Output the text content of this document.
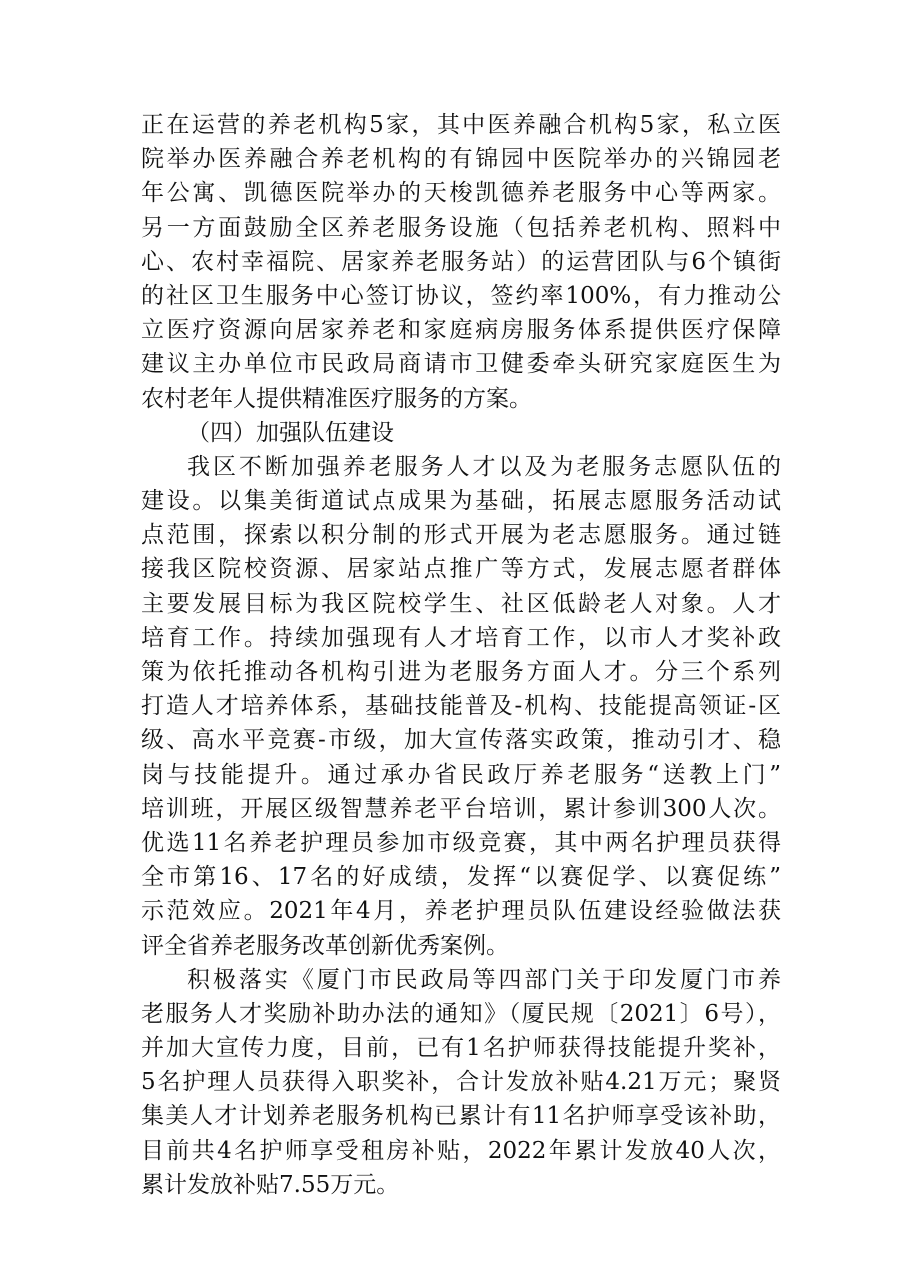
正在运营的养老机构5家，其中医养融合机构5家，私立医
院举办医养融合养老机构的有锦园中医院举办的兴锦园老
年公寓、凯德医院举办的天梭凯德养老服务中心等两家。
另一方面鼓励全区养老服务设施（包括养老机构、照料中
心、农村幸福院、居家养老服务站）的运营团队与6个镇街
的社区卫生服务中心签订协议，签约率100%，有力推动公
立医疗资源向居家养老和家庭病房服务体系提供医疗保障
建议主办单位市民政局商请市卫健委牵头研究家庭医生为
农村老年人提供精准医疗服务的方案。
（四）加强队伍建设
我区不断加强养老服务人才以及为老服务志愿队伍的
建设。以集美街道试点成果为基础，拓展志愿服务活动试
点范围，探索以积分制的形式开展为老志愿服务。通过链
接我区院校资源、居家站点推广等方式，发展志愿者群体
主要发展目标为我区院校学生、社区低龄老人对象。人才
培育工作。持续加强现有人才培育工作，以市人才奖补政
策为依托推动各机构引进为老服务方面人才。分三个系列
打造人才培养体系，基础技能普及-机构、技能提高领证-区
级、高水平竞赛-市级，加大宣传落实政策，推动引才、稳
岗与技能提升。通过承办省民政厅养老服务“送教上门”
培训班，开展区级智慧养老平台培训，累计参训300人次。
优选11名养老护理员参加市级竞赛，其中两名护理员获得
全市第16、17名的好成绩，发挥“以赛促学、以赛促练”
示范效应。2021年4月，养老护理员队伍建设经验做法获
评全省养老服务改革创新优秀案例。
积极落实《厦门市民政局等四部门关于印发厦门市养
老服务人才奖励补助办法的通知》（厦民规〔2021〕6号），
并加大宣传力度，目前，已有1名护师获得技能提升奖补，
5名护理人员获得入职奖补，合计发放补贴4.21万元；聚贤
集美人才计划养老服务机构已累计有11名护师享受该补助，
目前共4名护师享受租房补贴，2022年累计发放40人次，
累计发放补贴7.55万元。
